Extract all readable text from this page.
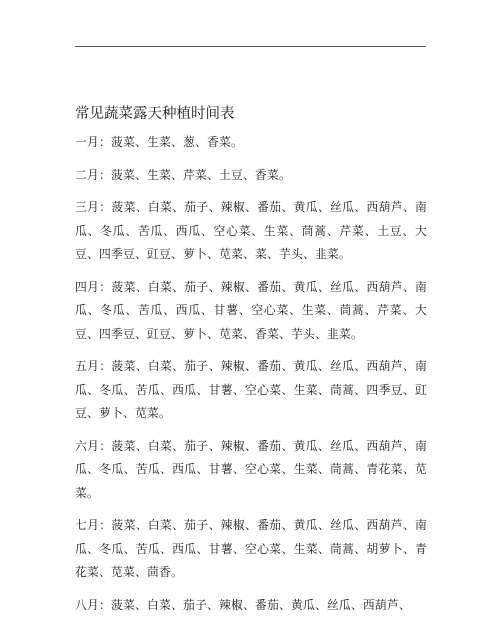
常见蔬菜露天种植时间表

一月：菠菜、生菜、葱、香菜。

二月：菠菜、生菜、芹菜、土豆、香菜。

三月：菠菜、白菜、茄子、辣椒、番茄、黄瓜、丝瓜、西葫芦、南瓜、冬瓜、苦瓜、西瓜、空心菜、生菜、茼蒿、芹菜、土豆、大豆、四季豆、豇豆、萝卜、苋菜、菜、芋头、韭菜。

四月：菠菜、白菜、茄子、辣椒、番茄、黄瓜、丝瓜、西葫芦、南瓜、冬瓜、苦瓜、西瓜、甘薯、空心菜、生菜、茼蒿、芹菜、大豆、四季豆、豇豆、萝卜、苋菜、香菜、芋头、韭菜。

五月：菠菜、白菜、茄子、辣椒、番茄、黄瓜、丝瓜、西葫芦、南瓜、冬瓜、苦瓜、西瓜、甘薯、空心菜、生菜、茼蒿、四季豆、豇豆、萝卜、苋菜。

六月：菠菜、白菜、茄子、辣椒、番茄、黄瓜、丝瓜、西葫芦、南瓜、冬瓜、苦瓜、西瓜、甘薯、空心菜、生菜、茼蒿、青花菜、苋菜。

七月：菠菜、白菜、茄子、辣椒、番茄、黄瓜、丝瓜、西葫芦、南瓜、冬瓜、苦瓜、西瓜、甘薯、空心菜、生菜、茼蒿、胡萝卜、青花菜、苋菜、茴香。

八月：菠菜、白菜、茄子、辣椒、番茄、黄瓜、丝瓜、西葫芦、
